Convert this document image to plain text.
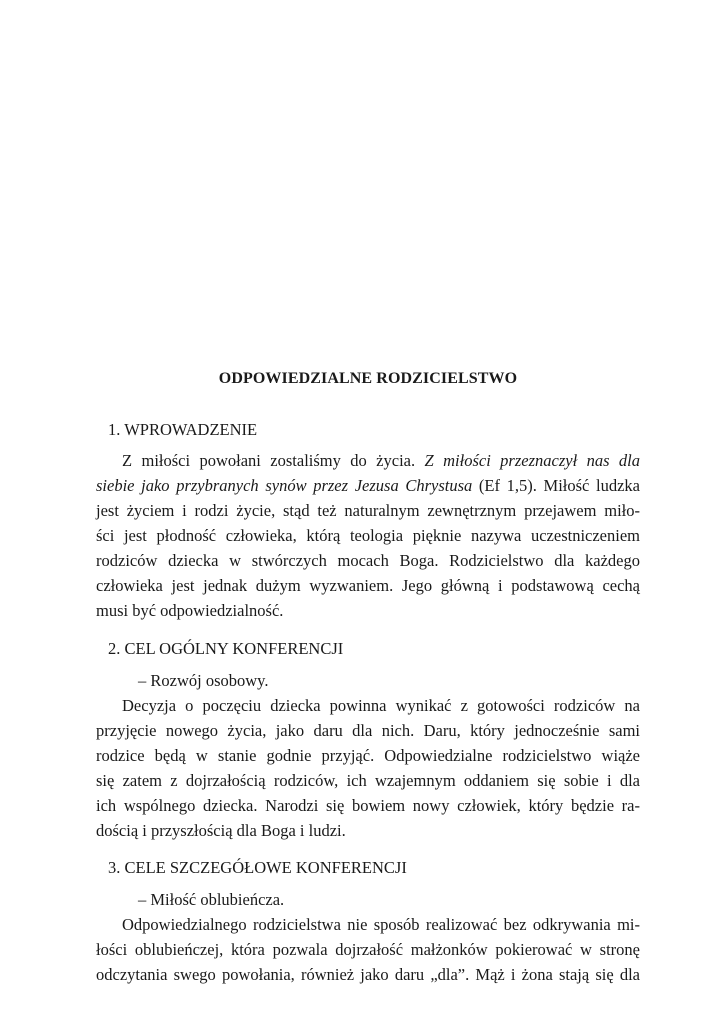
ODPOWIEDZIALNE RODZICIELSTWO
1. WPROWADZENIE
Z miłości powołani zostaliśmy do życia. Z miłości przeznaczył nas dla
siebie jako przybranych synów przez Jezusa Chrystusa (Ef 1,5). Miłość ludzka
jest życiem i rodzi życie, stąd też naturalnym zewnętrznym przejawem miło-
ści jest płodność człowieka, którą teologia pięknie nazywa uczestniczeniem
rodziców dziecka w stwórczych mocach Boga. Rodzicielstwo dla każdego
człowieka jest jednak dużym wyzwaniem. Jego główną i podstawową cechą
musi być odpowiedzialność.
2. CEL OGÓLNY KONFERENCJI
– Rozwój osobowy.
Decyzja o poczęciu dziecka powinna wynikać z gotowości rodziców na
przyjęcie nowego życia, jako daru dla nich. Daru, który jednocześnie sami
rodzice będą w stanie godnie przyjąć. Odpowiedzialne rodzicielstwo wiąże
się zatem z dojrzałością rodziców, ich wzajemnym oddaniem się sobie i dla
ich wspólnego dziecka. Narodzi się bowiem nowy człowiek, który będzie ra-
dością i przyszłością dla Boga i ludzi.
3. CELE SZCZEGÓŁOWE KONFERENCJI
– Miłość oblubieńcza.
Odpowiedzialnego rodzicielstwa nie sposób realizować bez odkrywania mi-
łości oblubieńczej, która pozwala dojrzałość małżonków pokierować w stronę
odczytania swego powołania, również jako daru „dla”. Mąż i żona stają się dla
